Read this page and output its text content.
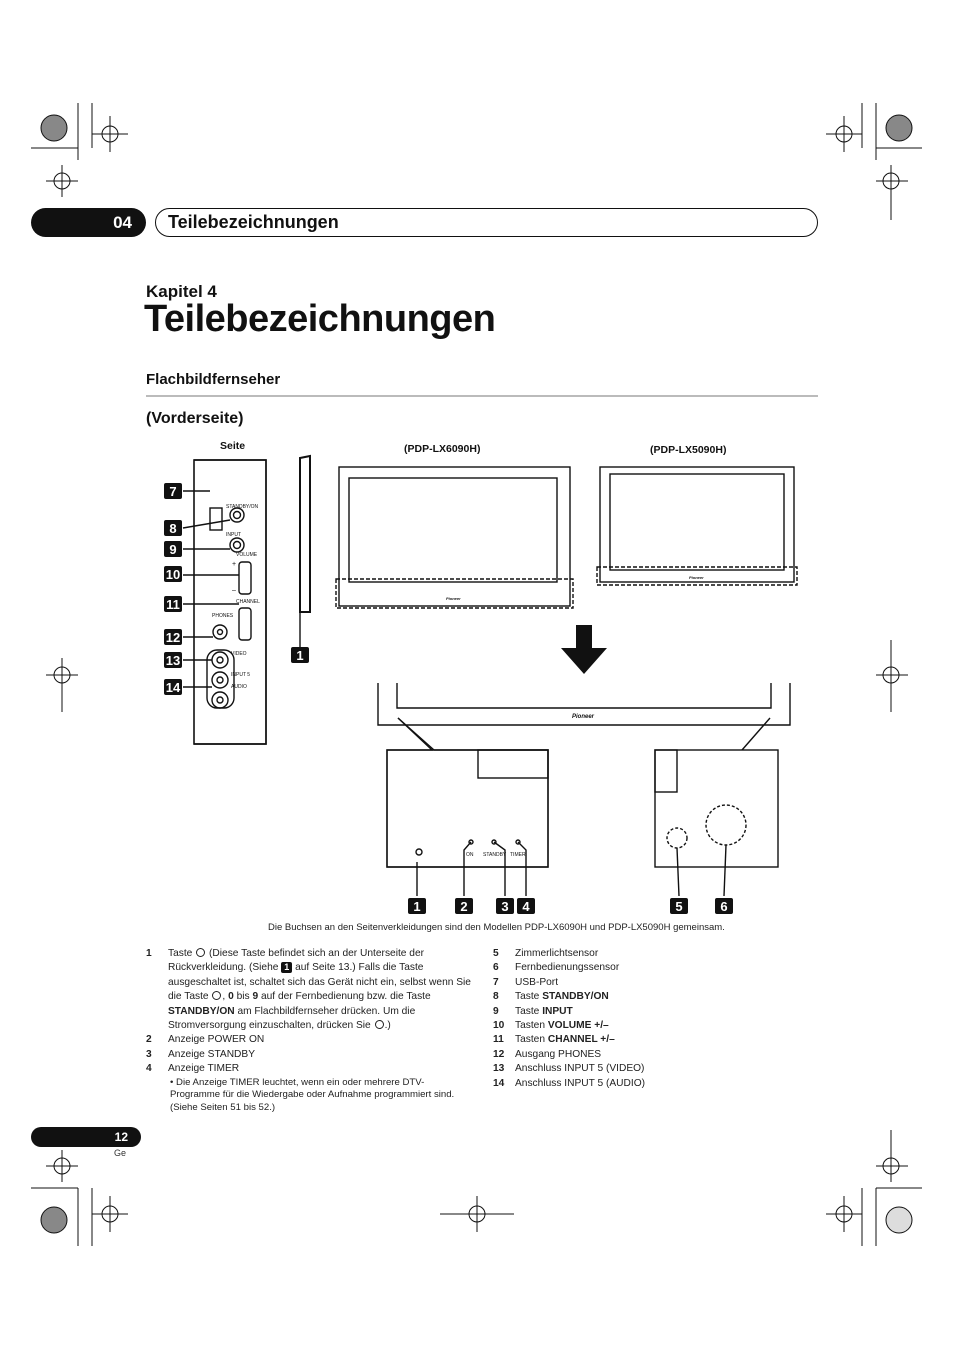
04	Teilebezeichnungen
Kapitel 4
Teilebezeichnungen
Flachbildfernseher
(Vorderseite)
Seite	(PDP-LX6090H)	(PDP-LX5090H)
STANDBY/ON
INPUT
VOLUME
CHANNEL
PHONES
VIDEO
INPUT 5
AUDIO
+
–
ON STANDBY TIMER
Pioneer
Pioneer
Pioneer
7
8
9
10
11
12
13
14
1
1	2	3 4	5	6
Die Buchsen an den Seitenverkleidungen sind den Modellen PDP-LX6090H und PDP-LX5090H gemeinsam.
1	Taste  (Diese Taste befindet sich an der Unterseite der Rückverkleidung. (Siehe 1 auf Seite 13.) Falls die Taste ausgeschaltet ist, schaltet sich das Gerät nicht ein, selbst wenn Sie die Taste , 0 bis 9 auf der Fernbedienung bzw. die Taste STANDBY/ON am Flachbildfernseher drücken. Um die Stromversorgung einzuschalten, drücken Sie .)
2	Anzeige POWER ON
3	Anzeige STANDBY
4	Anzeige TIMER
• Die Anzeige TIMER leuchtet, wenn ein oder mehrere DTV-Programme für die Wiedergabe oder Aufnahme programmiert sind. (Siehe Seiten 51 bis 52.)
5	Zimmerlichtsensor
6	Fernbedienungssensor
7	USB-Port
8	Taste STANDBY/ON
9	Taste INPUT
10	Tasten VOLUME +/–
11	Tasten CHANNEL +/–
12	Ausgang PHONES
13	Anschluss INPUT 5 (VIDEO)
14	Anschluss INPUT 5 (AUDIO)
12
Ge
